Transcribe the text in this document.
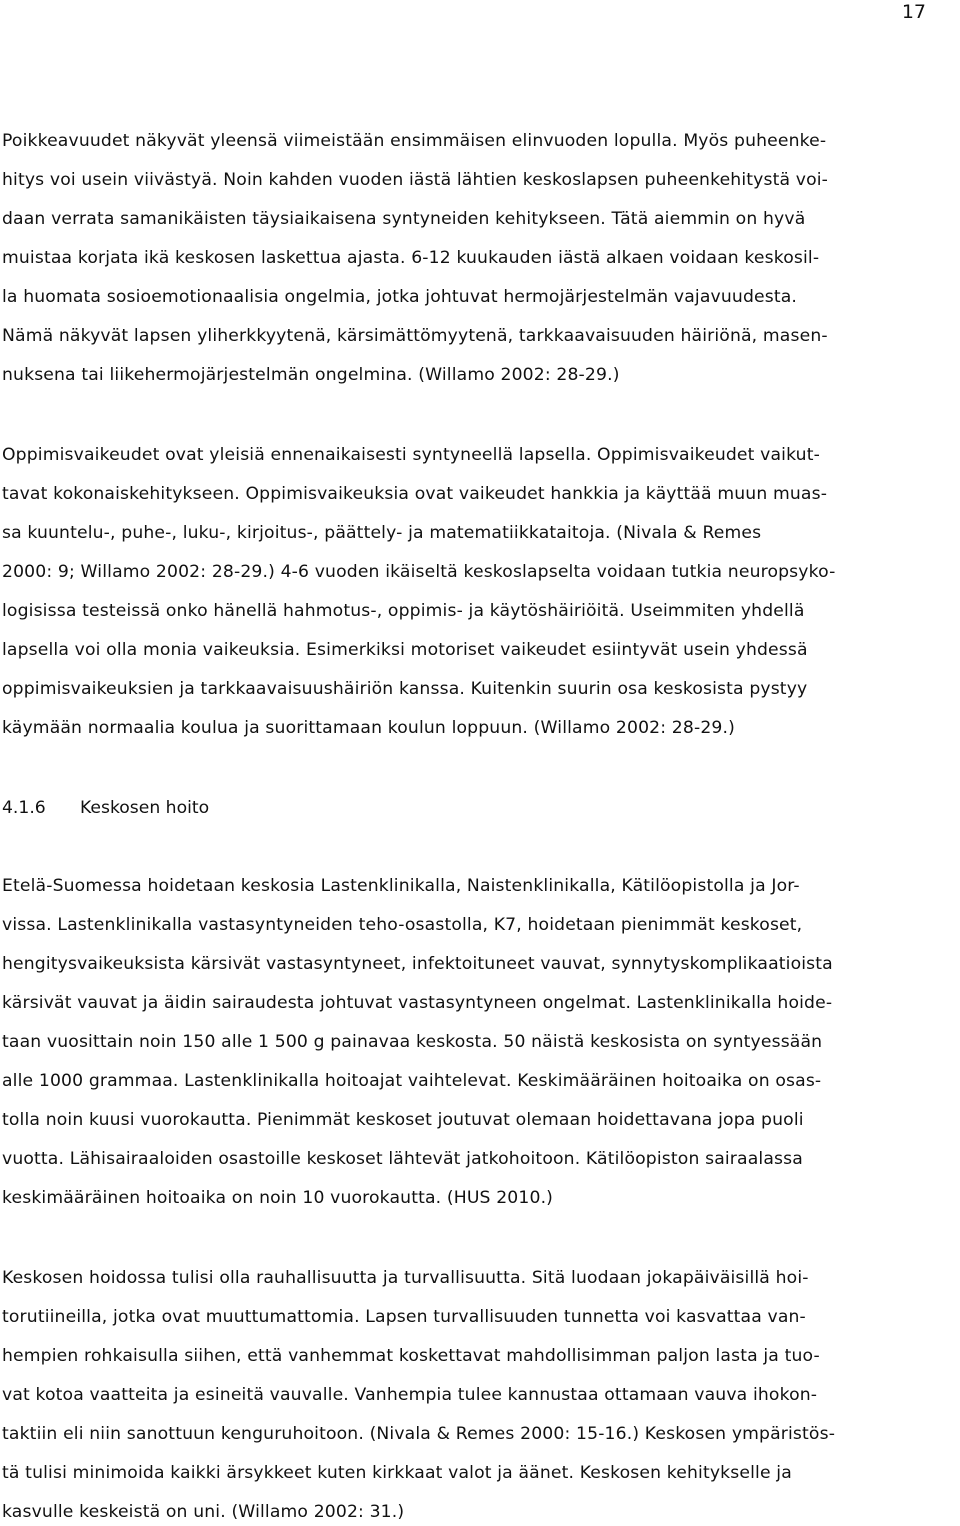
17
Poikkeavuudet näkyvät yleensä viimeistään ensimmäisen elinvuoden lopulla. Myös puheenke-
hitys voi usein viivästyä. Noin kahden vuoden iästä lähtien keskoslapsen puheenkehitystä voi-
daan verrata samanikäisten täysiaikaisena syntyneiden kehitykseen. Tätä aiemmin on hyvä
muistaa korjata ikä keskosen laskettua ajasta. 6-12 kuukauden iästä alkaen voidaan keskosil-
la huomata sosioemotionaalisia ongelmia, jotka johtuvat hermojärjestelmän vajavuudesta.
Nämä näkyvät lapsen yliherkkyytenä, kärsimättömyytenä, tarkkaavaisuuden häiriönä, masen-
nuksena tai liikehermojärjestelmän ongelmina. (Willamo 2002: 28-29.)
Oppimisvaikeudet ovat yleisiä ennenaikaisesti syntyneellä lapsella. Oppimisvaikeudet vaikut-
tavat kokonaiskehitykseen. Oppimisvaikeuksia ovat vaikeudet hankkia ja käyttää muun muas-
sa kuuntelu-, puhe-, luku-, kirjoitus-, päättely- ja matematiikkataitoja. (Nivala & Remes
2000: 9; Willamo 2002: 28-29.) 4-6 vuoden ikäiseltä keskoslapselta voidaan tutkia neuropsyko-
logisissa testeissä onko hänellä hahmotus-, oppimis- ja käytöshäiriöitä. Useimmiten yhdellä
lapsella voi olla monia vaikeuksia. Esimerkiksi motoriset vaikeudet esiintyvät usein yhdessä
oppimisvaikeuksien ja tarkkaavaisuushäiriön kanssa. Kuitenkin suurin osa keskosista pystyy
käymään normaalia koulua ja suorittamaan koulun loppuun. (Willamo 2002: 28-29.)
4.1.6 Keskosen hoito
Etelä-Suomessa hoidetaan keskosia Lastenklinikalla, Naistenklinikalla, Kätilöopistolla ja Jor-
vissa. Lastenklinikalla vastasyntyneiden teho-osastolla, K7, hoidetaan pienimmät keskoset,
hengitysvaikeuksista kärsivät vastasyntyneet, infektoituneet vauvat, synnytyskomplikaatioista
kärsivät vauvat ja äidin sairaudesta johtuvat vastasyntyneen ongelmat. Lastenklinikalla hoide-
taan vuosittain noin 150 alle 1 500 g painavaa keskosta. 50 näistä keskosista on syntyessään
alle 1000 grammaa. Lastenklinikalla hoitoajat vaihtelevat. Keskimääräinen hoitoaika on osas-
tolla noin kuusi vuorokautta. Pienimmät keskoset joutuvat olemaan hoidettavana jopa puoli
vuotta. Lähisairaaloiden osastoille keskoset lähtevät jatkohoitoon. Kätilöopiston sairaalassa
keskimääräinen hoitoaika on noin 10 vuorokautta. (HUS 2010.)
Keskosen hoidossa tulisi olla rauhallisuutta ja turvallisuutta. Sitä luodaan jokapäiväisillä hoi-
torutiineilla, jotka ovat muuttumattomia. Lapsen turvallisuuden tunnetta voi kasvattaa van-
hempien rohkaisulla siihen, että vanhemmat koskettavat mahdollisimman paljon lasta ja tuo-
vat kotoa vaatteita ja esineitä vauvalle. Vanhempia tulee kannustaa ottamaan vauva ihokon-
taktiin eli niin sanottuun kenguruhoitoon. (Nivala & Remes 2000: 15-16.) Keskosen ympäristös-
tä tulisi minimoida kaikki ärsykkeet kuten kirkkaat valot ja äänet. Keskosen kehitykselle ja
kasvulle keskeistä on uni. (Willamo 2002: 31.)
